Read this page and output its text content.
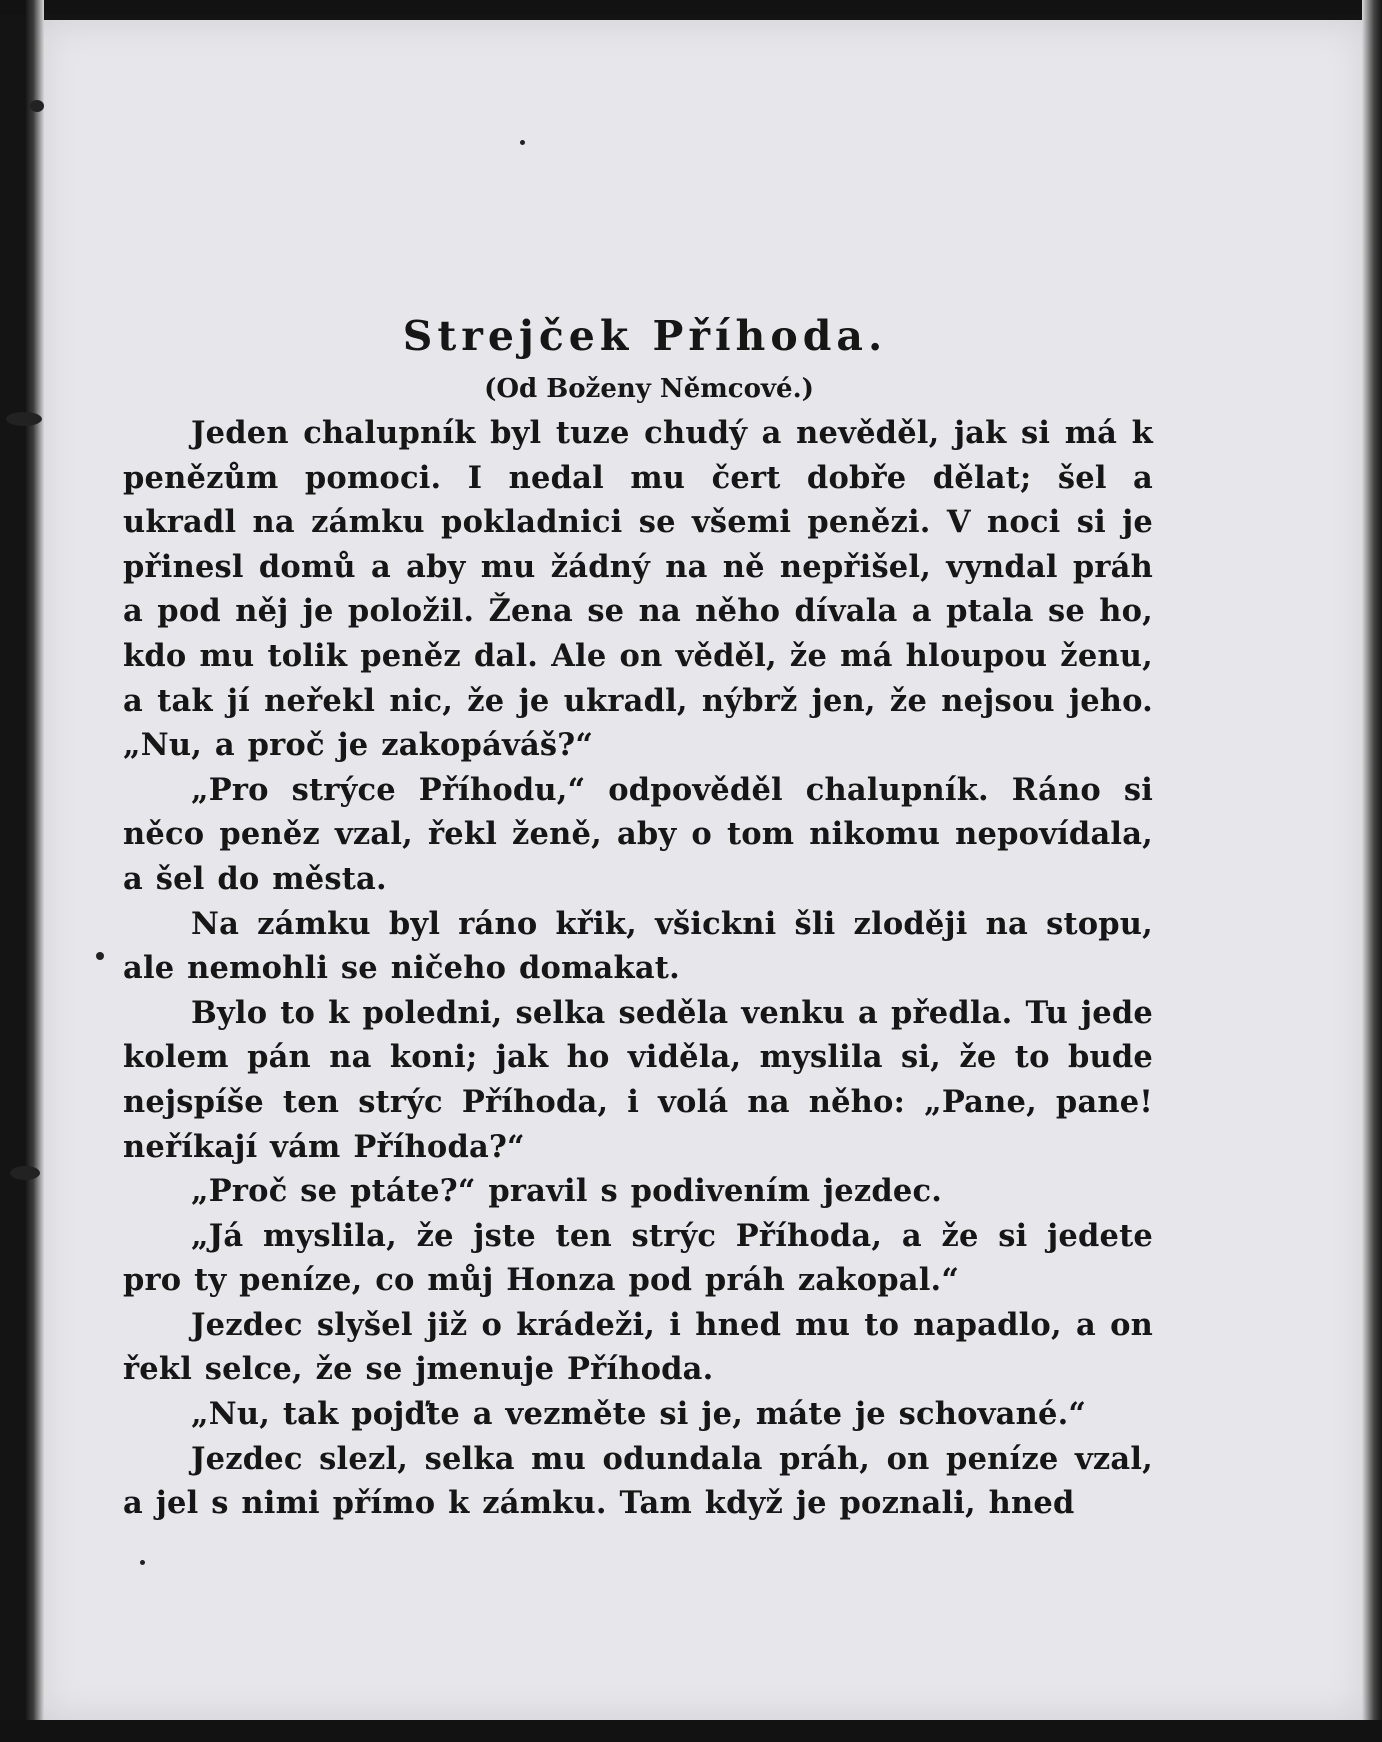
Strejček Příhoda.

(Od Boženy Němcové.)

Jeden chalupník byl tuze chudý a nevěděl, jak si má k penězům pomoci. I nedal mu čert dobře dělat; šel a ukradl na zámku pokladnici se všemi penězi. V noci si je přinesl domů a aby mu žádný na ně nepřišel, vyndal práh a pod něj je položil. Žena se na něho dívala a ptala se ho, kdo mu tolik peněz dal. Ale on věděl, že má hloupou ženu, a tak jí neřekl nic, že je ukradl, nýbrž jen, že nejsou jeho. „Nu, a proč je zakopáváš?“

„Pro strýce Příhodu,“ odpověděl chalupník. Ráno si něco peněz vzal, řekl ženě, aby o tom nikomu nepovídala, a šel do města.

Na zámku byl ráno křik, všickni šli zloději na stopu, ale nemohli se ničeho domakat.

Bylo to k poledni, selka seděla venku a předla. Tu jede kolem pán na koni; jak ho viděla, myslila si, že to bude nejspíše ten strýc Příhoda, i volá na něho: „Pane, pane! neříkají vám Příhoda?“

„Proč se ptáte?“ pravil s podivením jezdec.

„Já myslila, že jste ten strýc Příhoda, a že si jedete pro ty peníze, co můj Honza pod práh zakopal.“

Jezdec slyšel již o krádeži, i hned mu to napadlo, a on řekl selce, že se jmenuje Příhoda.

„Nu, tak pojďte a vezměte si je, máte je schované.“

Jezdec slezl, selka mu odundala práh, on peníze vzal, a jel s nimi přímo k zámku. Tam když je poznali, hned
